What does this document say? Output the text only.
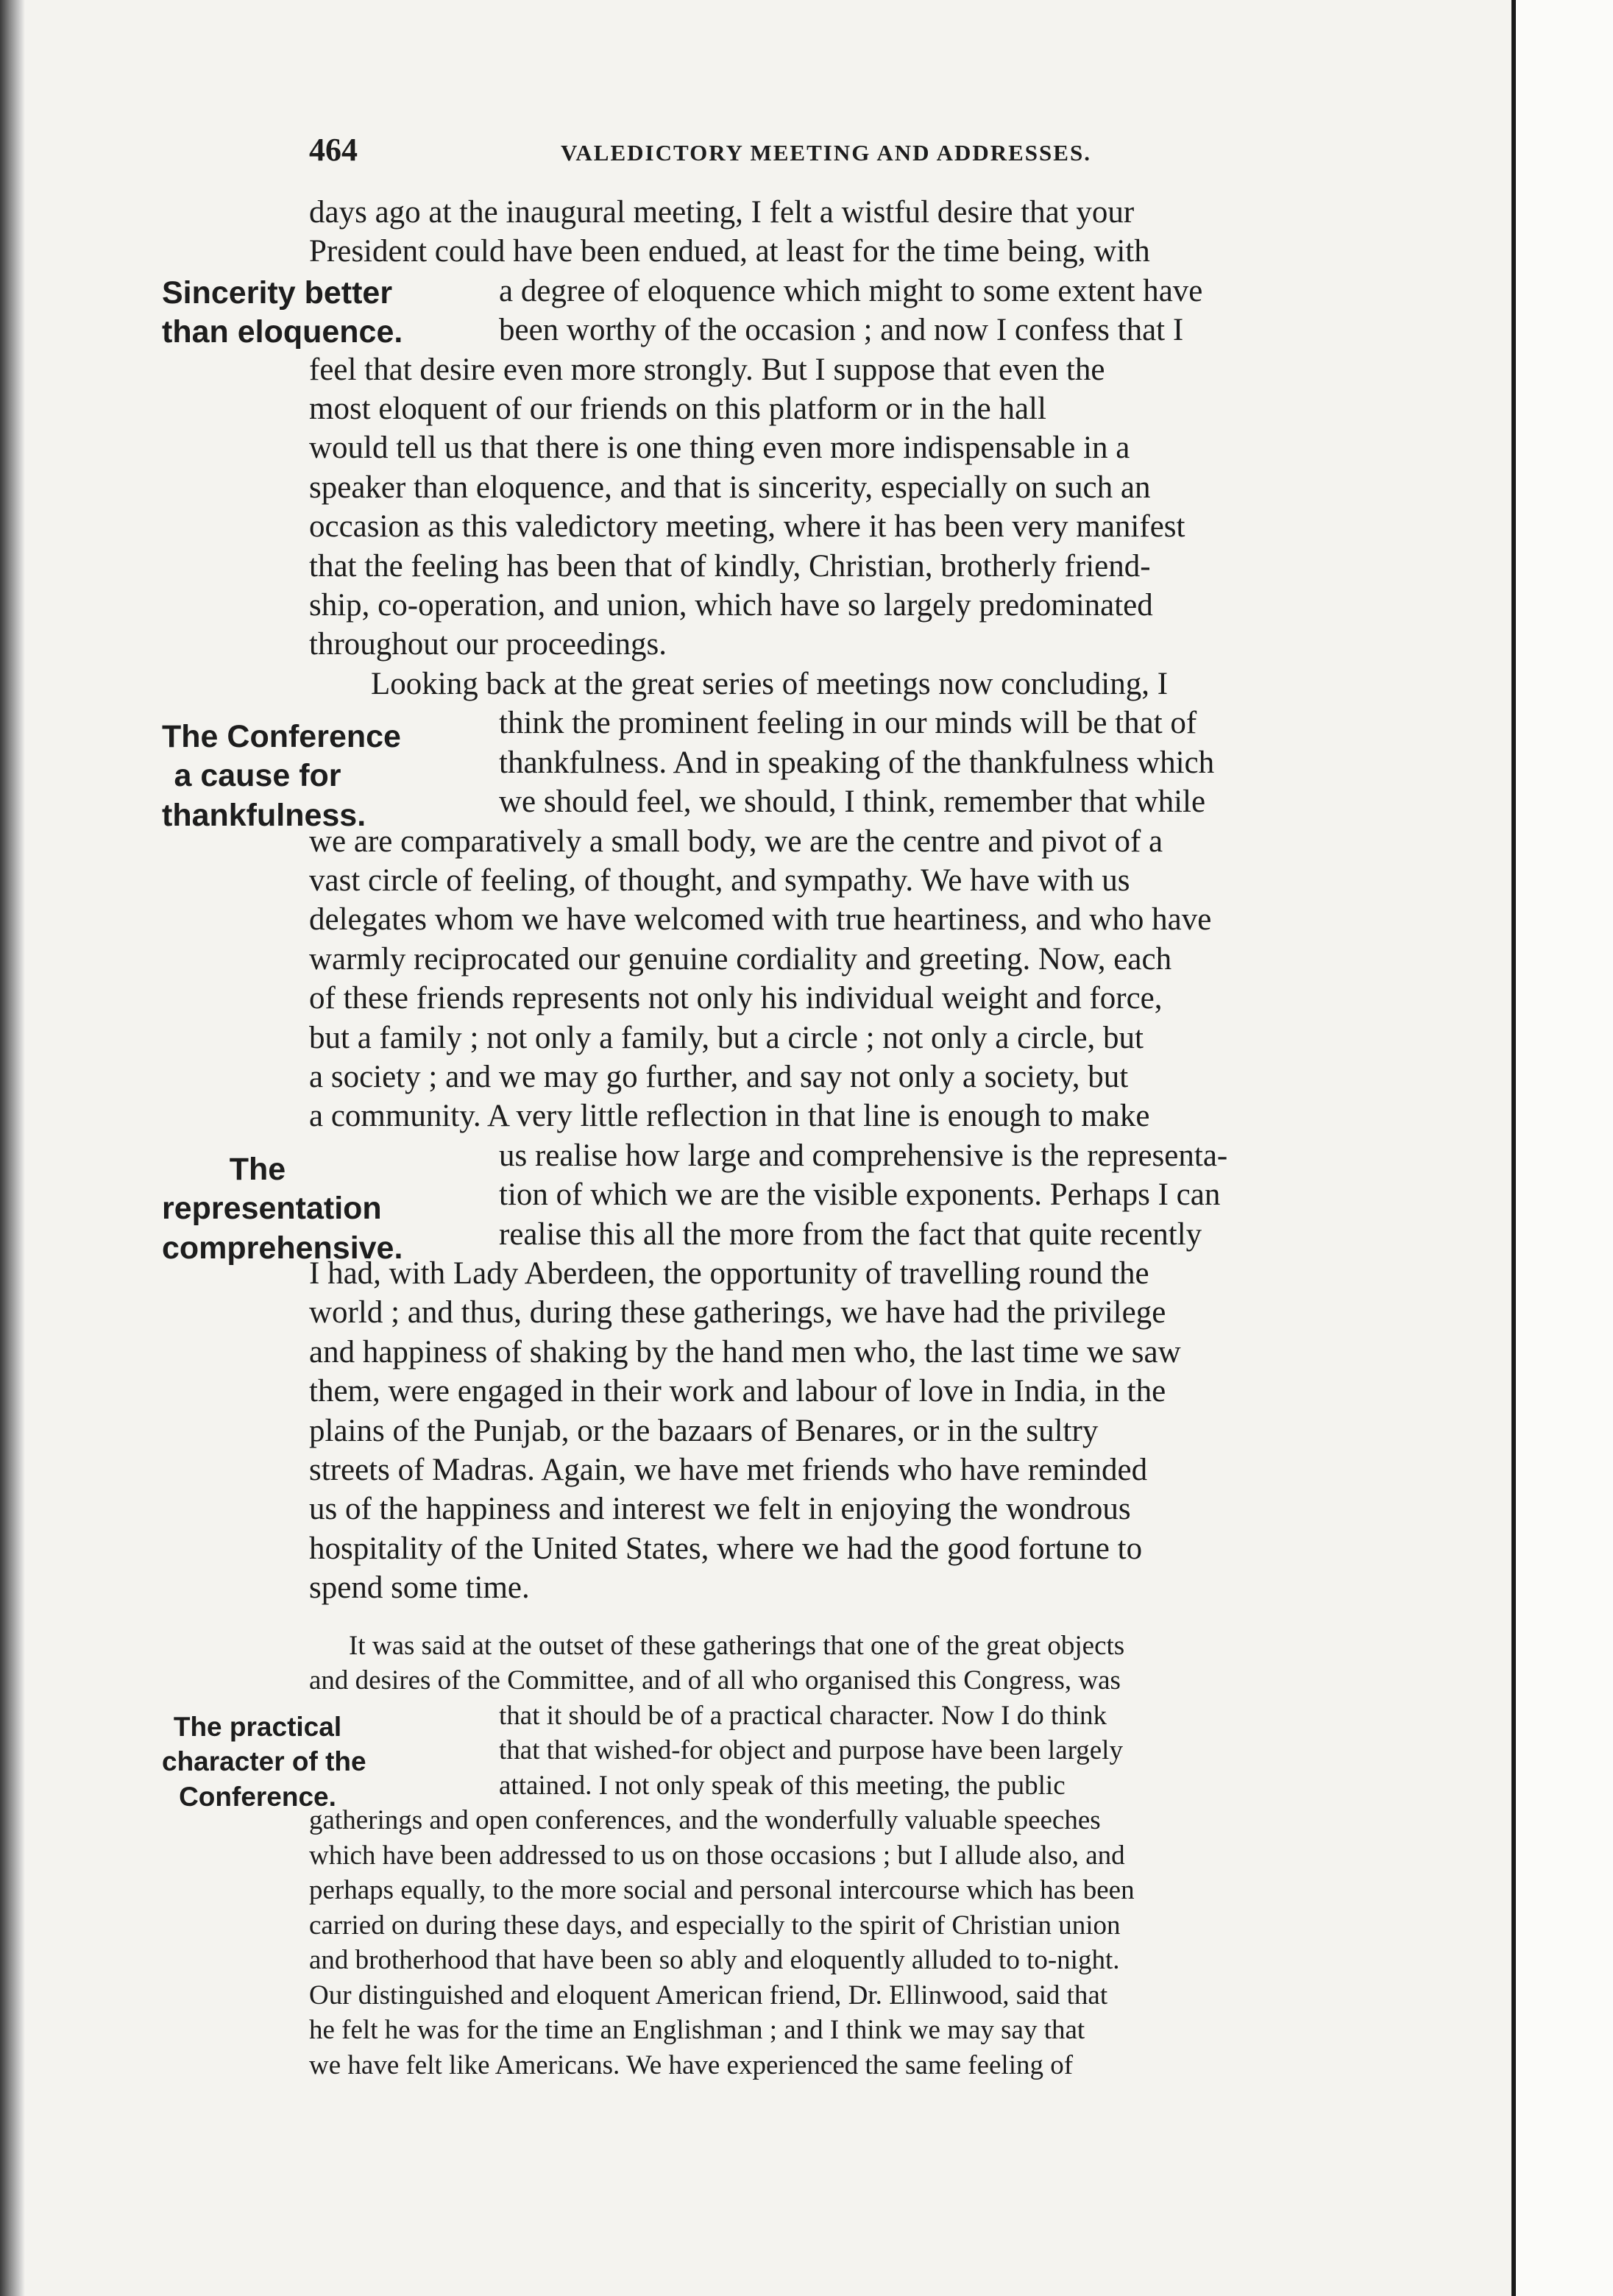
464	VALEDICTORY MEETING AND ADDRESSES.
Sincerity better
than eloquence.
days ago at the inaugural meeting, I felt a wistful desire that your
President could have been endued, at least for the time being, with
a degree of eloquence which might to some extent have
been worthy of the occasion ; and now I confess that I
feel that desire even more strongly. But I suppose that even the
most eloquent of our friends on this platform or in the hall
would tell us that there is one thing even more indispensable in a
speaker than eloquence, and that is sincerity, especially on such an
occasion as this valedictory meeting, where it has been very manifest
that the feeling has been that of kindly, Christian, brotherly friend-
ship, co-operation, and union, which have so largely predominated
throughout our proceedings.
The Conference
a cause for
thankfulness.
The
representation
comprehensive.
Looking back at the great series of meetings now concluding, I
think the prominent feeling in our minds will be that of
thankfulness. And in speaking of the thankfulness which
we should feel, we should, I think, remember that while
we are comparatively a small body, we are the centre and pivot of a
vast circle of feeling, of thought, and sympathy. We have with us
delegates whom we have welcomed with true heartiness, and who have
warmly reciprocated our genuine cordiality and greeting. Now, each
of these friends represents not only his individual weight and force,
but a family ; not only a family, but a circle ; not only a circle, but
a society ; and we may go further, and say not only a society, but
a community. A very little reflection in that line is enough to make
us realise how large and comprehensive is the representa-
tion of which we are the visible exponents. Perhaps I can
realise this all the more from the fact that quite recently
I had, with Lady Aberdeen, the opportunity of travelling round the
world ; and thus, during these gatherings, we have had the privilege
and happiness of shaking by the hand men who, the last time we saw
them, were engaged in their work and labour of love in India, in the
plains of the Punjab, or the bazaars of Benares, or in the sultry
streets of Madras. Again, we have met friends who have reminded
us of the happiness and interest we felt in enjoying the wondrous
hospitality of the United States, where we had the good fortune to
spend some time.
The practical
character of the
Conference.
It was said at the outset of these gatherings that one of the great objects
and desires of the Committee, and of all who organised this Congress, was
that it should be of a practical character. Now I do think
that that wished-for object and purpose have been largely
attained. I not only speak of this meeting, the public
gatherings and open conferences, and the wonderfully valuable speeches
which have been addressed to us on those occasions ; but I allude also, and
perhaps equally, to the more social and personal intercourse which has been
carried on during these days, and especially to the spirit of Christian union
and brotherhood that have been so ably and eloquently alluded to to-night.
Our distinguished and eloquent American friend, Dr. Ellinwood, said that
he felt he was for the time an Englishman ; and I think we may say that
we have felt like Americans. We have experienced the same feeling of
